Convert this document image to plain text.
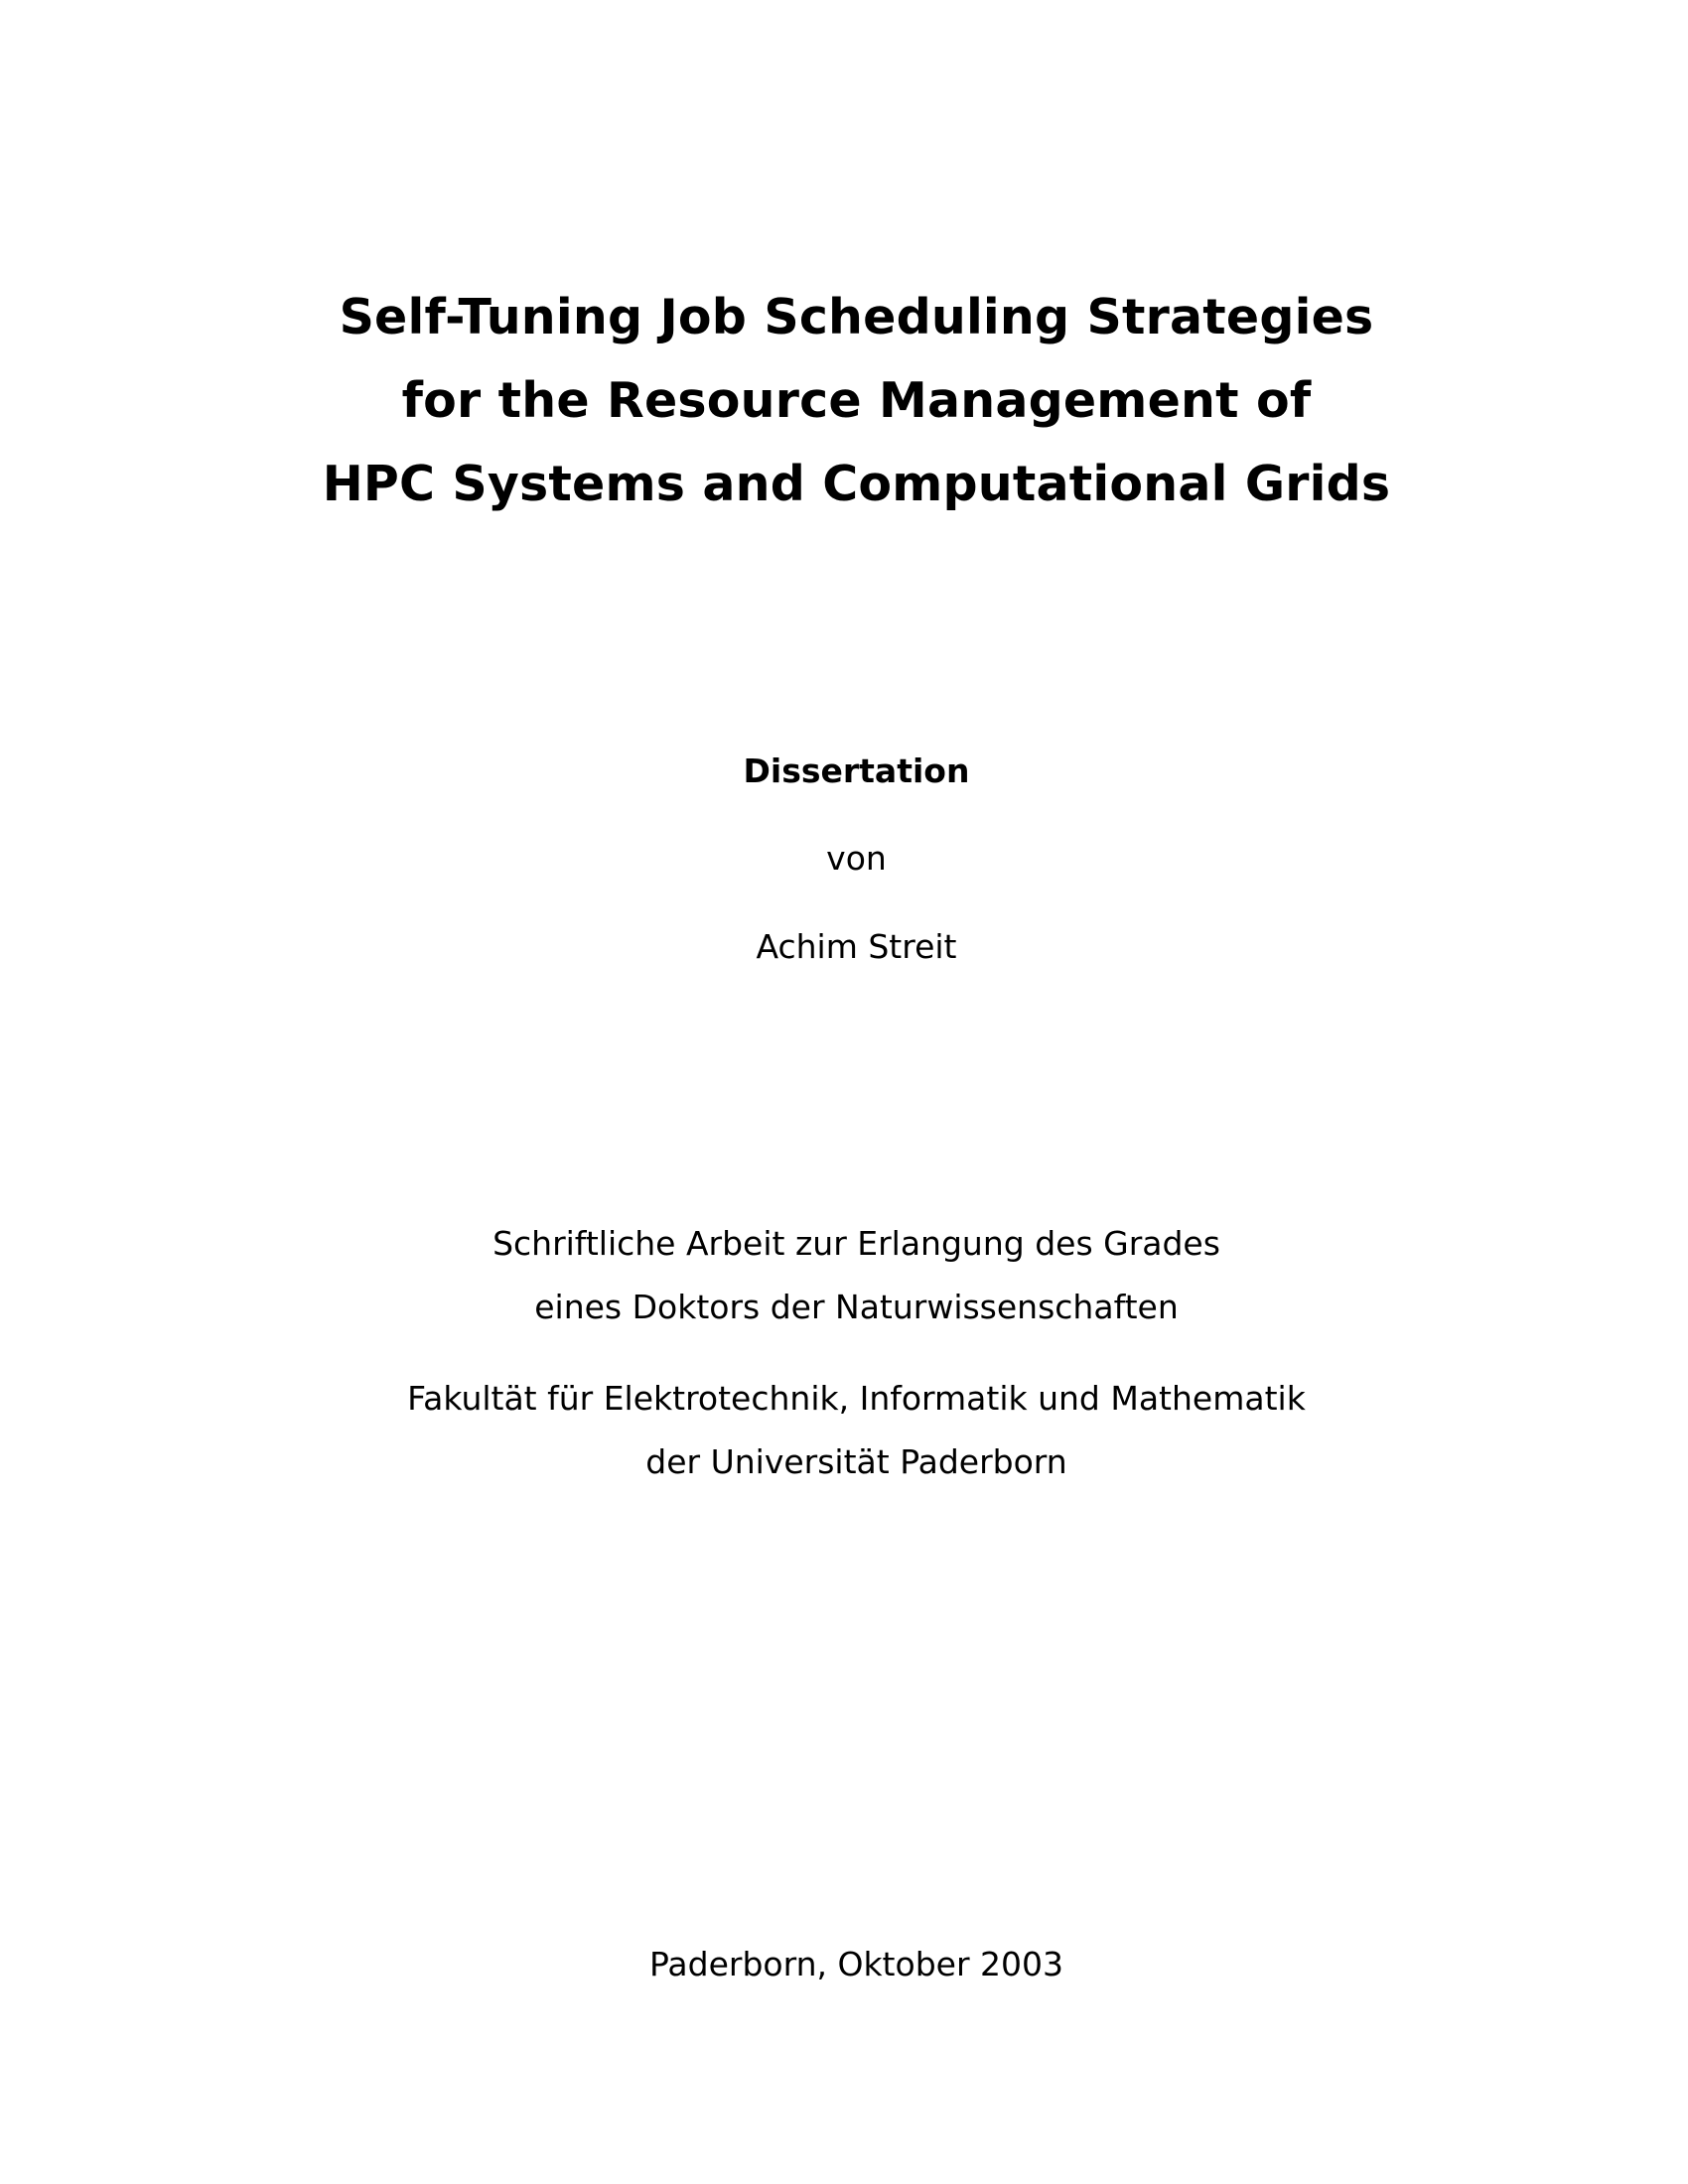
Self-Tuning Job Scheduling Strategies
for the Resource Management of
HPC Systems and Computational Grids
Dissertation
von
Achim Streit
Schriftliche Arbeit zur Erlangung des Grades
eines Doktors der Naturwissenschaften
Fakultät für Elektrotechnik, Informatik und Mathematik
der Universität Paderborn
Paderborn, Oktober 2003
